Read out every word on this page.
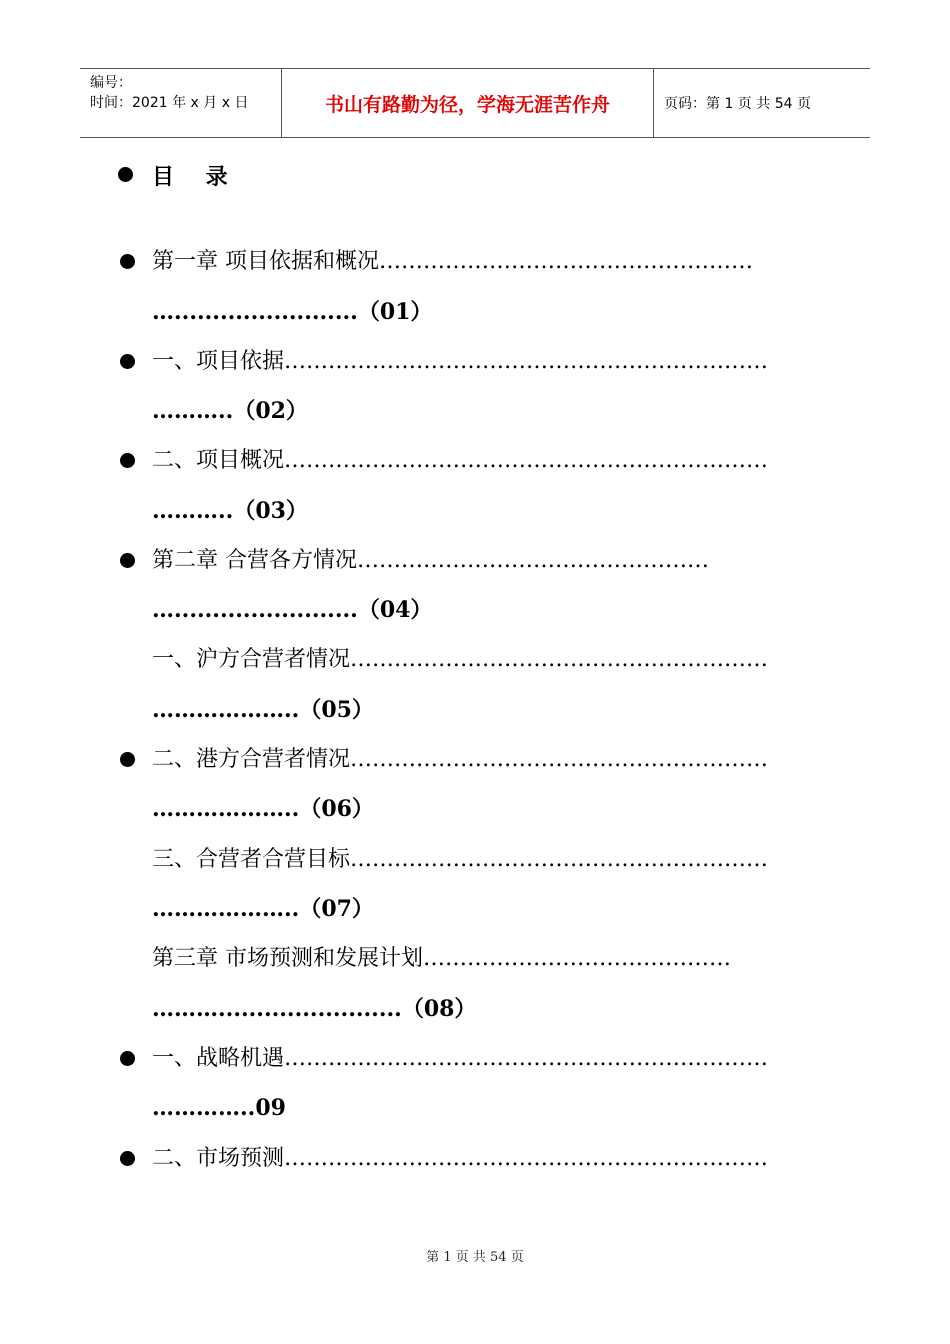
编号：
时间：2021 年 x 月 x 日	书山有路勤为径，学海无涯苦作舟	页码：第 1 页 共 54 页
目 录
第一章 项目依据和概况……………………………………………
…........................（01）
一、项目依据…………………………………………………………
………..（02）
二、项目概况…………………………………………………………
………..（03）
第二章 合营各方情况…………………………………………
…........................（04）
一、沪方合营者情况…………………………………………………
………………..（05）
二、港方合营者情况…………………………………………………
………………..（06）
三、合营者合营目标…………………………………………………
………………..（07）
第三章 市场预测和发展计划……………………………………
………........................（08）
一、战略机遇…………………………………………………………
…………..09
二、市场预测…………………………………………………………
第 1 页 共 54 页
